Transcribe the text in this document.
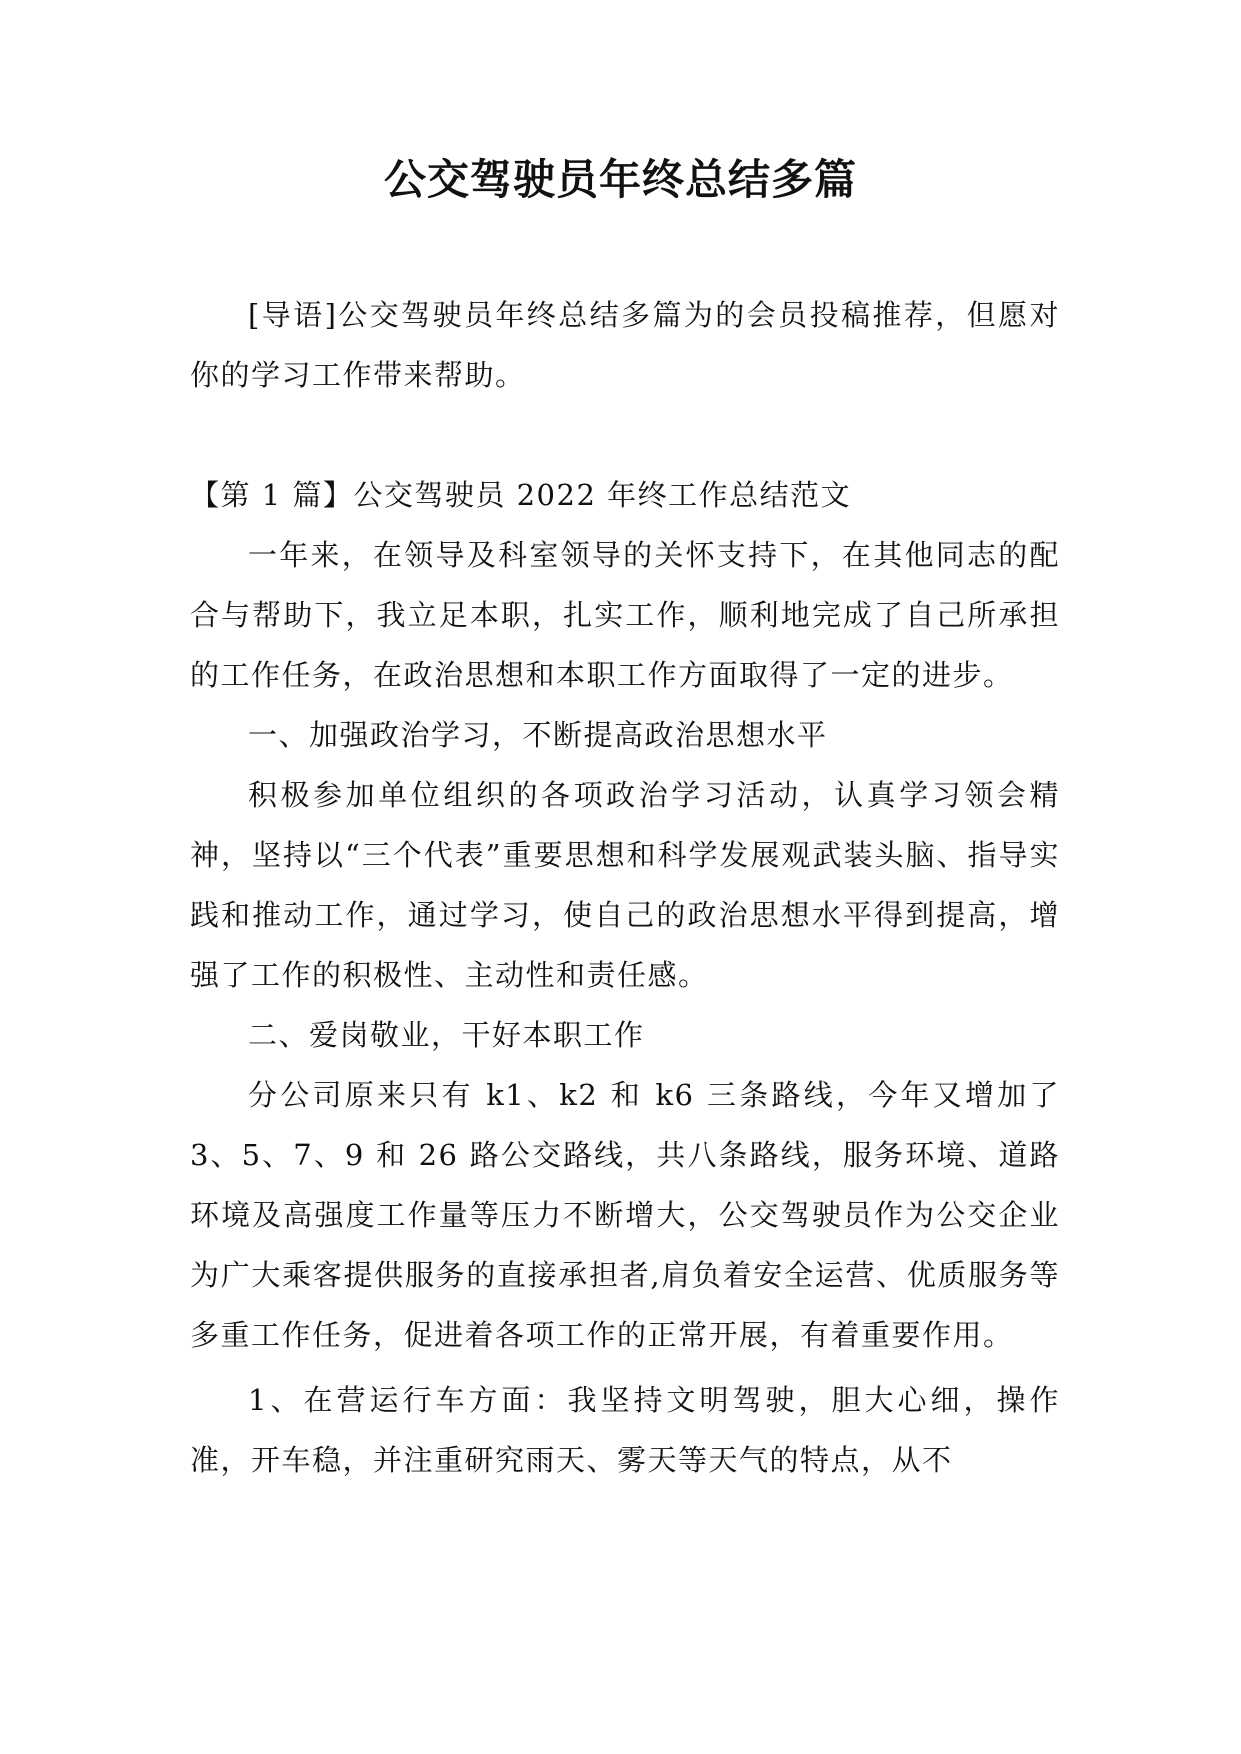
公交驾驶员年终总结多篇

[导语]公交驾驶员年终总结多篇为的会员投稿推荐，但愿对你的学习工作带来帮助。

【第 1 篇】公交驾驶员 2022 年终工作总结范文

一年来，在领导及科室领导的关怀支持下，在其他同志的配合与帮助下，我立足本职，扎实工作，顺利地完成了自己所承担的工作任务，在政治思想和本职工作方面取得了一定的进步。

一、加强政治学习，不断提高政治思想水平

积极参加单位组织的各项政治学习活动，认真学习领会精神，坚持以“三个代表”重要思想和科学发展观武装头脑、指导实践和推动工作，通过学习，使自己的政治思想水平得到提高，增强了工作的积极性、主动性和责任感。

二、爱岗敬业，干好本职工作

分公司原来只有 k1、k2 和 k6 三条路线，今年又增加了 3、5、7、9 和 26 路公交路线，共八条路线，服务环境、道路环境及高强度工作量等压力不断增大，公交驾驶员作为公交企业为广大乘客提供服务的直接承担者,肩负着安全运营、优质服务等多重工作任务，促进着各项工作的正常开展，有着重要作用。

1、在营运行车方面：我坚持文明驾驶，胆大心细，操作准，开车稳，并注重研究雨天、雾天等天气的特点，从不
